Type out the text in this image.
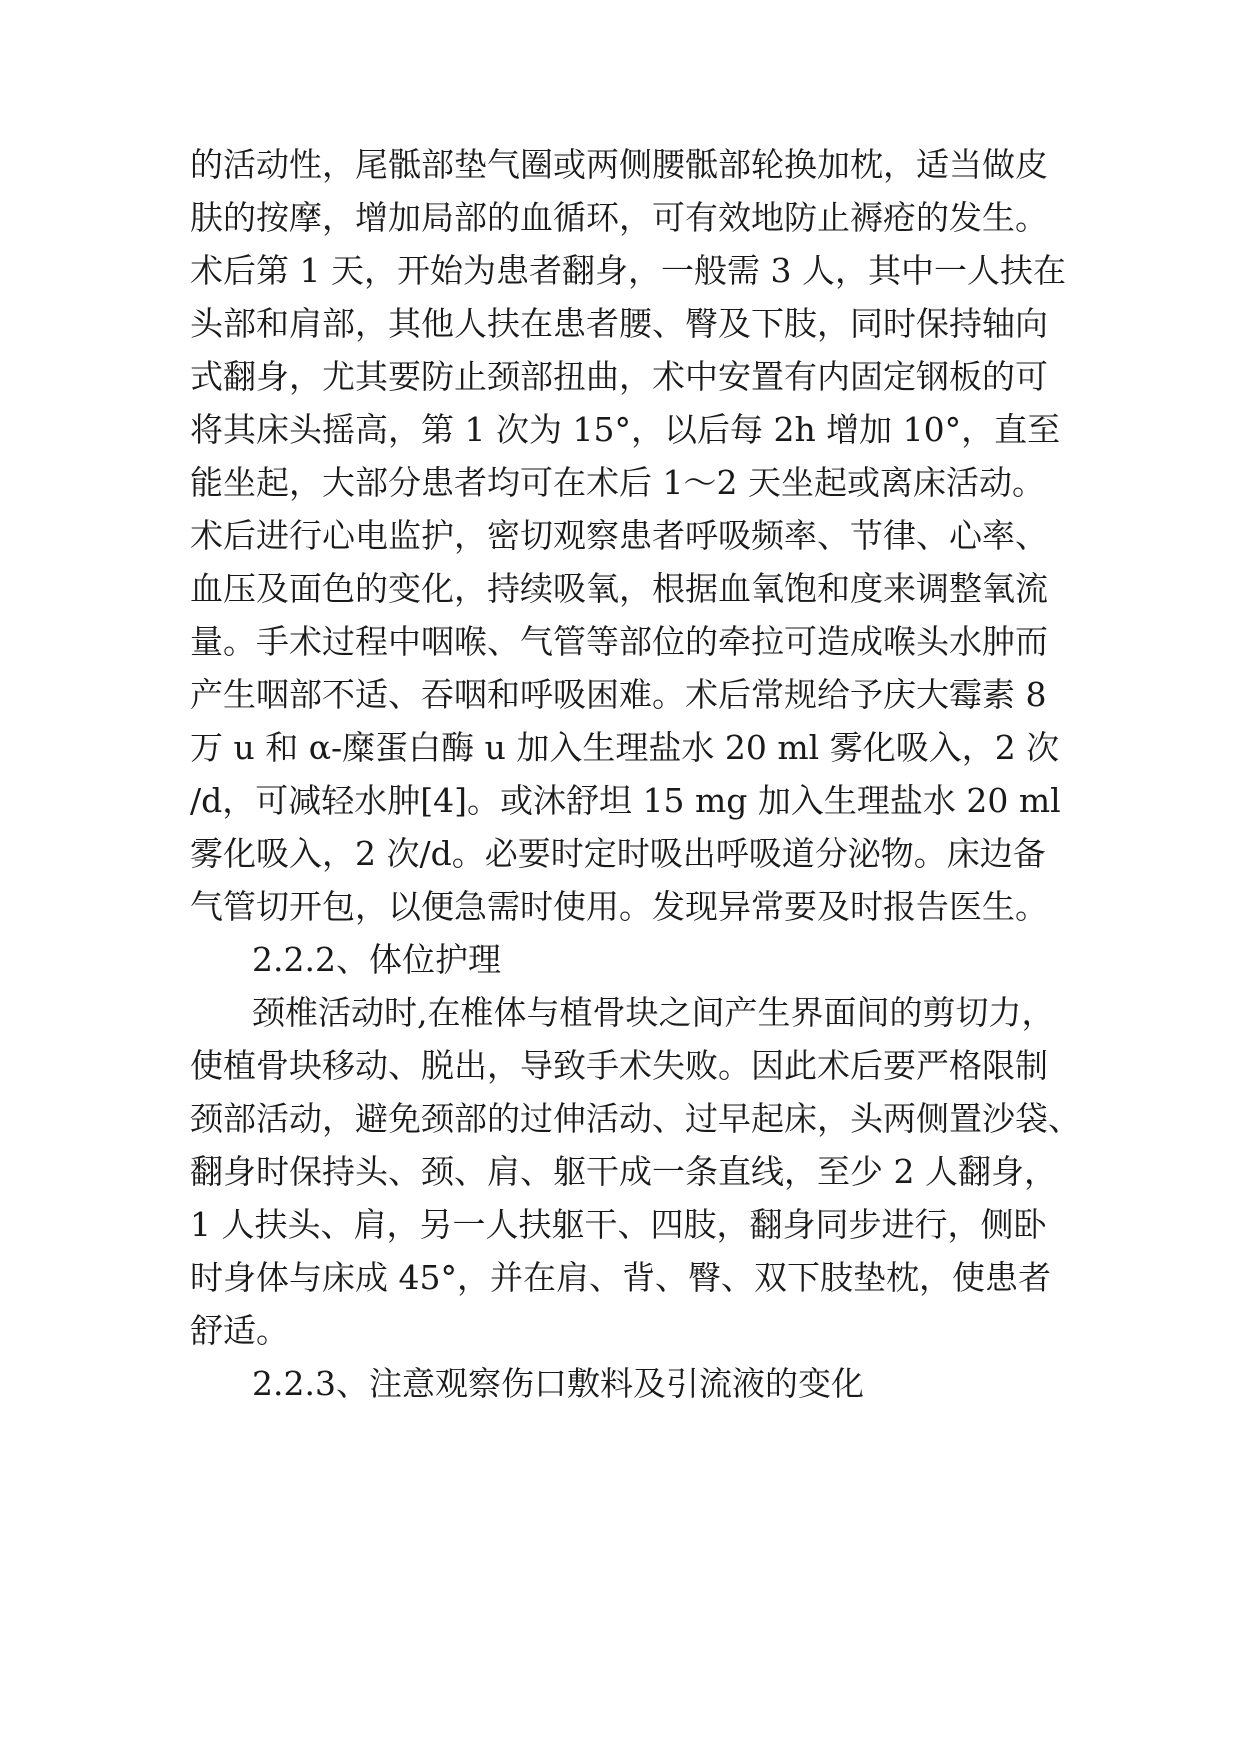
的活动性，尾骶部垫气圈或两侧腰骶部轮换加枕，适当做皮
肤的按摩，增加局部的血循环，可有效地防止褥疮的发生。
术后第 1 天，开始为患者翻身，一般需 3 人，其中一人扶在
头部和肩部，其他人扶在患者腰、臀及下肢，同时保持轴向
式翻身，尤其要防止颈部扭曲，术中安置有内固定钢板的可
将其床头摇高，第 1 次为 15°，以后每 2h 增加 10°，直至
能坐起，大部分患者均可在术后 1～2 天坐起或离床活动。
术后进行心电监护，密切观察患者呼吸频率、节律、心率、
血压及面色的变化，持续吸氧，根据血氧饱和度来调整氧流
量。手术过程中咽喉、气管等部位的牵拉可造成喉头水肿而
产生咽部不适、吞咽和呼吸困难。术后常规给予庆大霉素 8
万 u 和 α-糜蛋白酶 u 加入生理盐水 20 ml 雾化吸入，2 次
/d，可减轻水肿[4]。或沐舒坦 15 mg 加入生理盐水 20 ml
雾化吸入，2 次/d。必要时定时吸出呼吸道分泌物。床边备
气管切开包，以便急需时使用。发现异常要及时报告医生。
2.2.2、体位护理
颈椎活动时,在椎体与植骨块之间产生界面间的剪切力，
使植骨块移动、脱出，导致手术失败。因此术后要严格限制
颈部活动，避免颈部的过伸活动、过早起床，头两侧置沙袋、
翻身时保持头、颈、肩、躯干成一条直线，至少 2 人翻身，
1 人扶头、肩，另一人扶躯干、四肢，翻身同步进行，侧卧
时身体与床成 45°，并在肩、背、臀、双下肢垫枕，使患者
舒适。
2.2.3、注意观察伤口敷料及引流液的变化
